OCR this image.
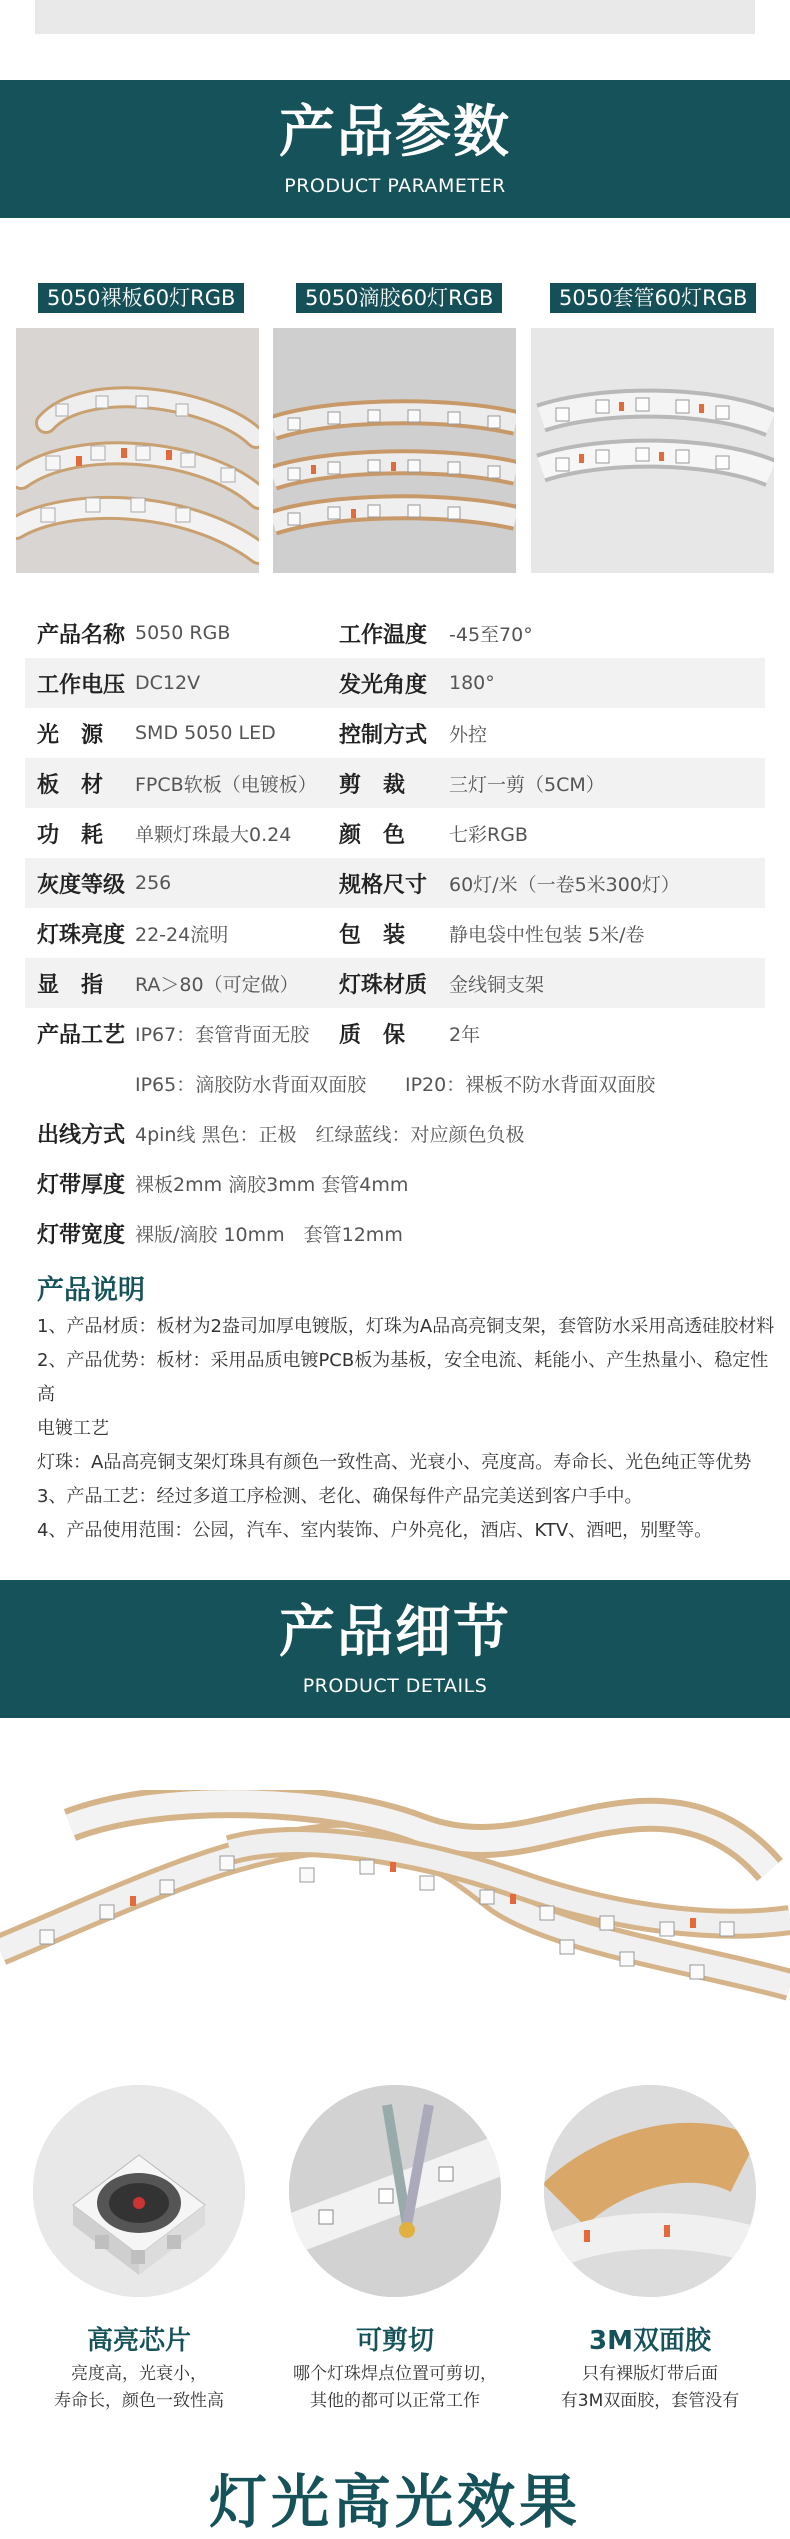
产品参数
PRODUCT PARAMETER
5050裸板60灯RGB	5050滴胶60灯RGB	5050套管60灯RGB
产品名称 5050 RGB	工作温度	-45至70°
工作电压 DC12V	发光角度	180°
光　源	SMD 5050 LED	控制方式	外控
板　材	FPCB软板（电镀板）	剪　裁	三灯一剪（5CM）
功　耗	单颗灯珠最大0.24	颜　色	七彩RGB
灰度等级 256	规格尺寸	60灯/米（一卷5米300灯）
灯珠亮度 22-24流明	包　装	静电袋中性包装 5米/卷
显　指	RA＞80（可定做）	灯珠材质	金线铜支架
产品工艺 IP67：套管背面无胶	质　保	2年
IP65：滴胶防水背面双面胶	IP20：裸板不防水背面双面胶
出线方式 4pin线 黑色：正极　红绿蓝线：对应颜色负极
灯带厚度 裸板2mm 滴胶3mm 套管4mm
灯带宽度 裸版/滴胶 10mm　套管12mm
产品说明
1、产品材质：板材为2盎司加厚电镀版，灯珠为A品高亮铜支架，套管防水采用高透硅胶材料
2、产品优势：板材：采用品质电镀PCB板为基板，安全电流、耗能小、产生热量小、稳定性高
电镀工艺
灯珠：A品高亮铜支架灯珠具有颜色一致性高、光衰小、亮度高。寿命长、光色纯正等优势
3、产品工艺：经过多道工序检测、老化、确保每件产品完美送到客户手中。
4、产品使用范围：公园，汽车、室内装饰、户外亮化，酒店、KTV、酒吧，别墅等。
产品细节
PRODUCT DETAILS
高亮芯片	可剪切	3M双面胶
亮度高，光衰小，
寿命长，颜色一致性高
哪个灯珠焊点位置可剪切，
其他的都可以正常工作
只有裸版灯带后面
有3M双面胶，套管没有
灯光高光效果
